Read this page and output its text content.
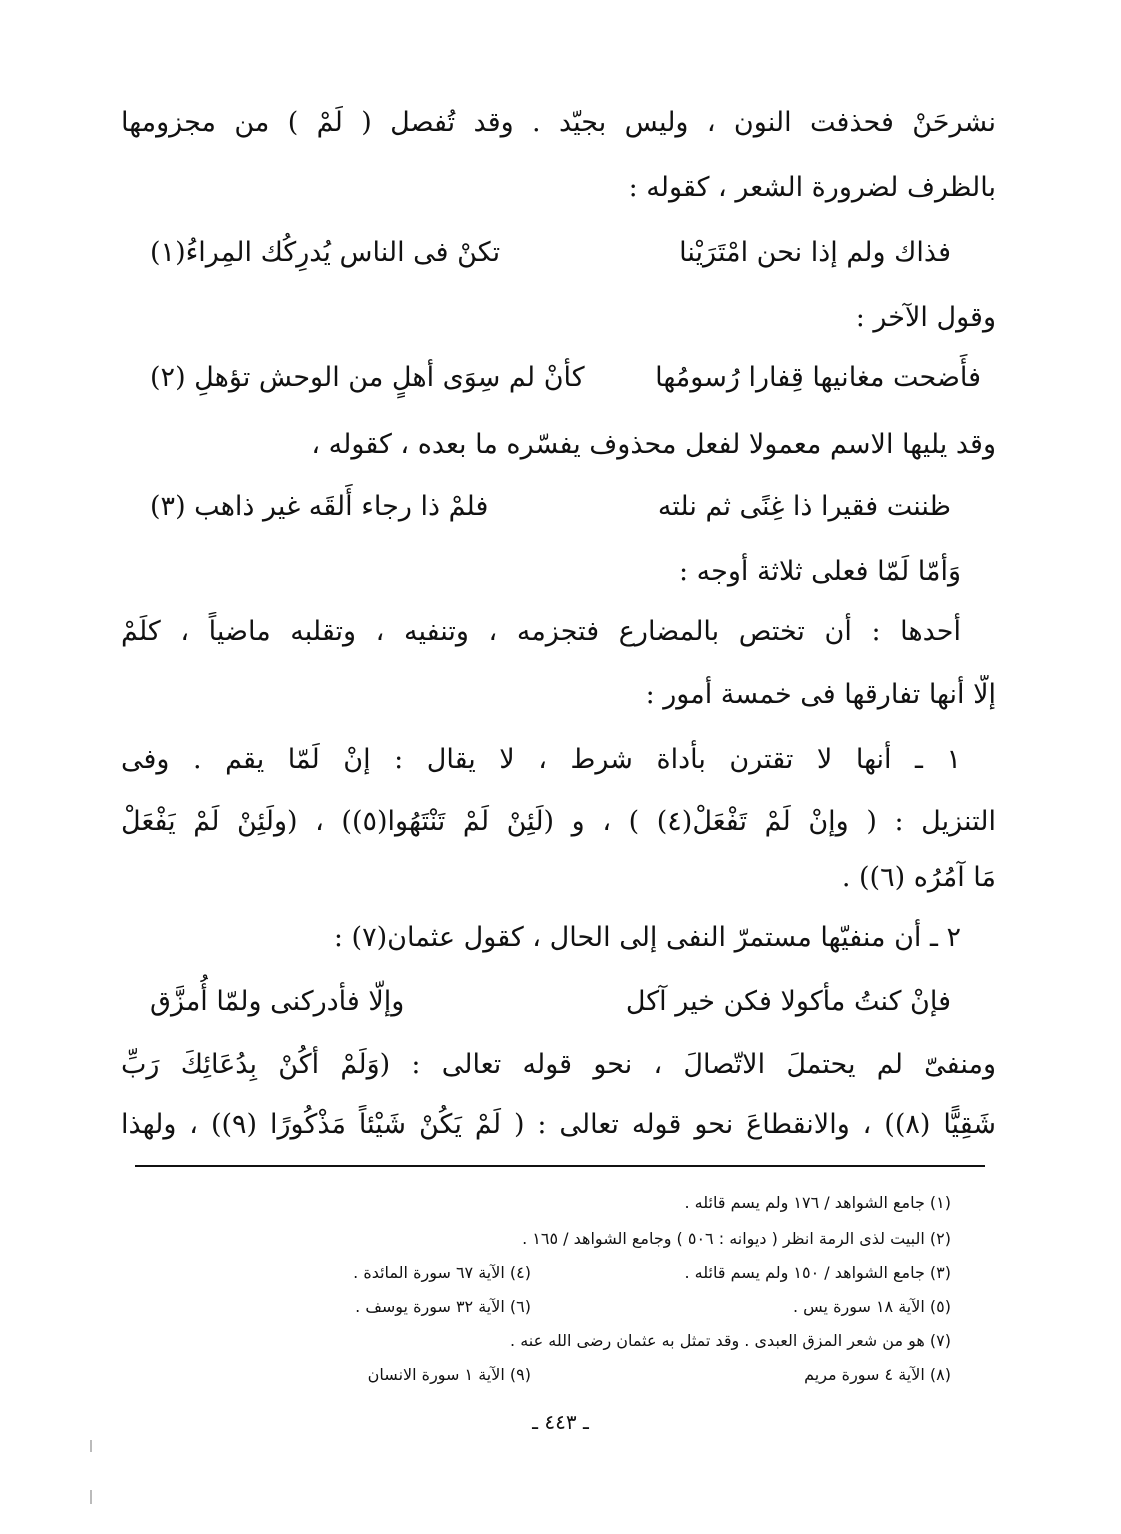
نشرحَنْ فحذفت النون ، وليس بجيّد . وقد تُفصل ( لَمْ ) من مجزومها
بالظرف لضرورة الشعر ، كقوله :
فذاك ولم إذا نحن امْتَرَيْنا
تكنْ فى الناس يُدرِكُك المِراءُ(١)
وقول الآخر :
فأَضحت مغانيها قِفارا رُسومُها
كأنْ لم سِوَى أهلٍ من الوحش تؤهلِ (٢)
وقد يليها الاسم معمولا لفعل محذوف يفسّره ما بعده ، كقوله ،
ظننت فقيرا ذا غِنًى ثم نلته
فلمْ ذا رجاء أَلقَه غير ذاهب (٣)
وَأَمّا لَمّا فعلى ثلاثة أوجه :
أحدها : أن تختص بالمضارع فتجزمه ، وتنفيه ، وتقلبه ماضياً ، كلَمْ
إلّا أنها تفارقها فى خمسة أمور :
١ ـ أنها لا تقترن بأداة شرط ، لا يقال : إنْ لَمّا يقم . وفى
التنزيل : ( وإنْ لَمْ تَفْعَلْ(٤) ) ، و (لَئِنْ لَمْ تَنْتَهُوا(٥)) ، (ولَئِنْ لَمْ يَفْعَلْ
مَا آمُرُه (٦)) .
٢ ـ أن منفيّها مستمرّ النفى إلى الحال ، كقول عثمان(٧) :
فإنْ كنتُ مأكولا فكن خير آكل
وإلّا فأدركنى ولمّا أُمزَّق
ومنفىّ لم يحتملَ الاتّصالَ ، نحو قوله تعالى : (وَلَمْ أَكُنْ بِدُعَائِكَ رَبِّ
شَقِيًّا (٨)) ، والانقطاعَ نحو قوله تعالى : ( لَمْ يَكُنْ شَيْئاً مَذْكُورًا (٩)) ، ولهذا
(١) جامع الشواهد / ١٧٦ ولم يسم قائله .
(٢) البيت لذى الرمة انظر ( ديوانه : ٥٠٦ ) وجامع الشواهد / ١٦٥ .
(٣) جامع الشواهد / ١٥٠ ولم يسم قائله .
(٤) الآية ٦٧ سورة المائدة .
(٥) الآية ١٨ سورة يس .
(٦) الآية ٣٢ سورة يوسف .
(٧) هو من شعر المزق العبدى . وقد تمثل به عثمان رضى الله عنه .
(٨) الآية ٤ سورة مريم
(٩) الآية ١ سورة الانسان
ـ ٤٤٣ ـ
